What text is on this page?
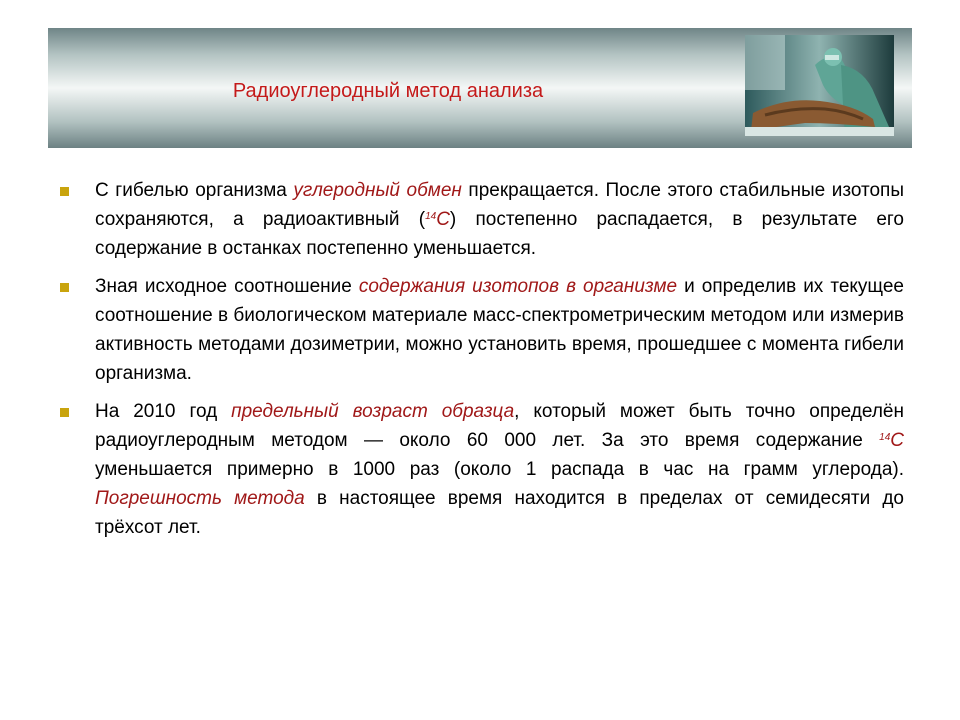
Радиоуглеродный метод анализа
С гибелью организма углеродный обмен прекращается. После этого стабильные изотопы сохраняются, а радиоактивный ($^{14}$С) постепенно распадается, в результате его содержание в останках постепенно уменьшается.
Зная исходное соотношение содержания изотопов в организме и определив их текущее соотношение в биологическом материале масс-спектрометрическим методом или измерив активность методами дозиметрии, можно установить время, прошедшее с момента гибели организма.
На 2010 год предельный возраст образца, который может быть точно определён радиоуглеродным методом — около 60 000 лет. За это время содержание $^{14}$С уменьшается примерно в 1000 раз (около 1 распада в час на грамм углерода). Погрешность метода в настоящее время находится в пределах от семидесяти до трёхсот лет.
